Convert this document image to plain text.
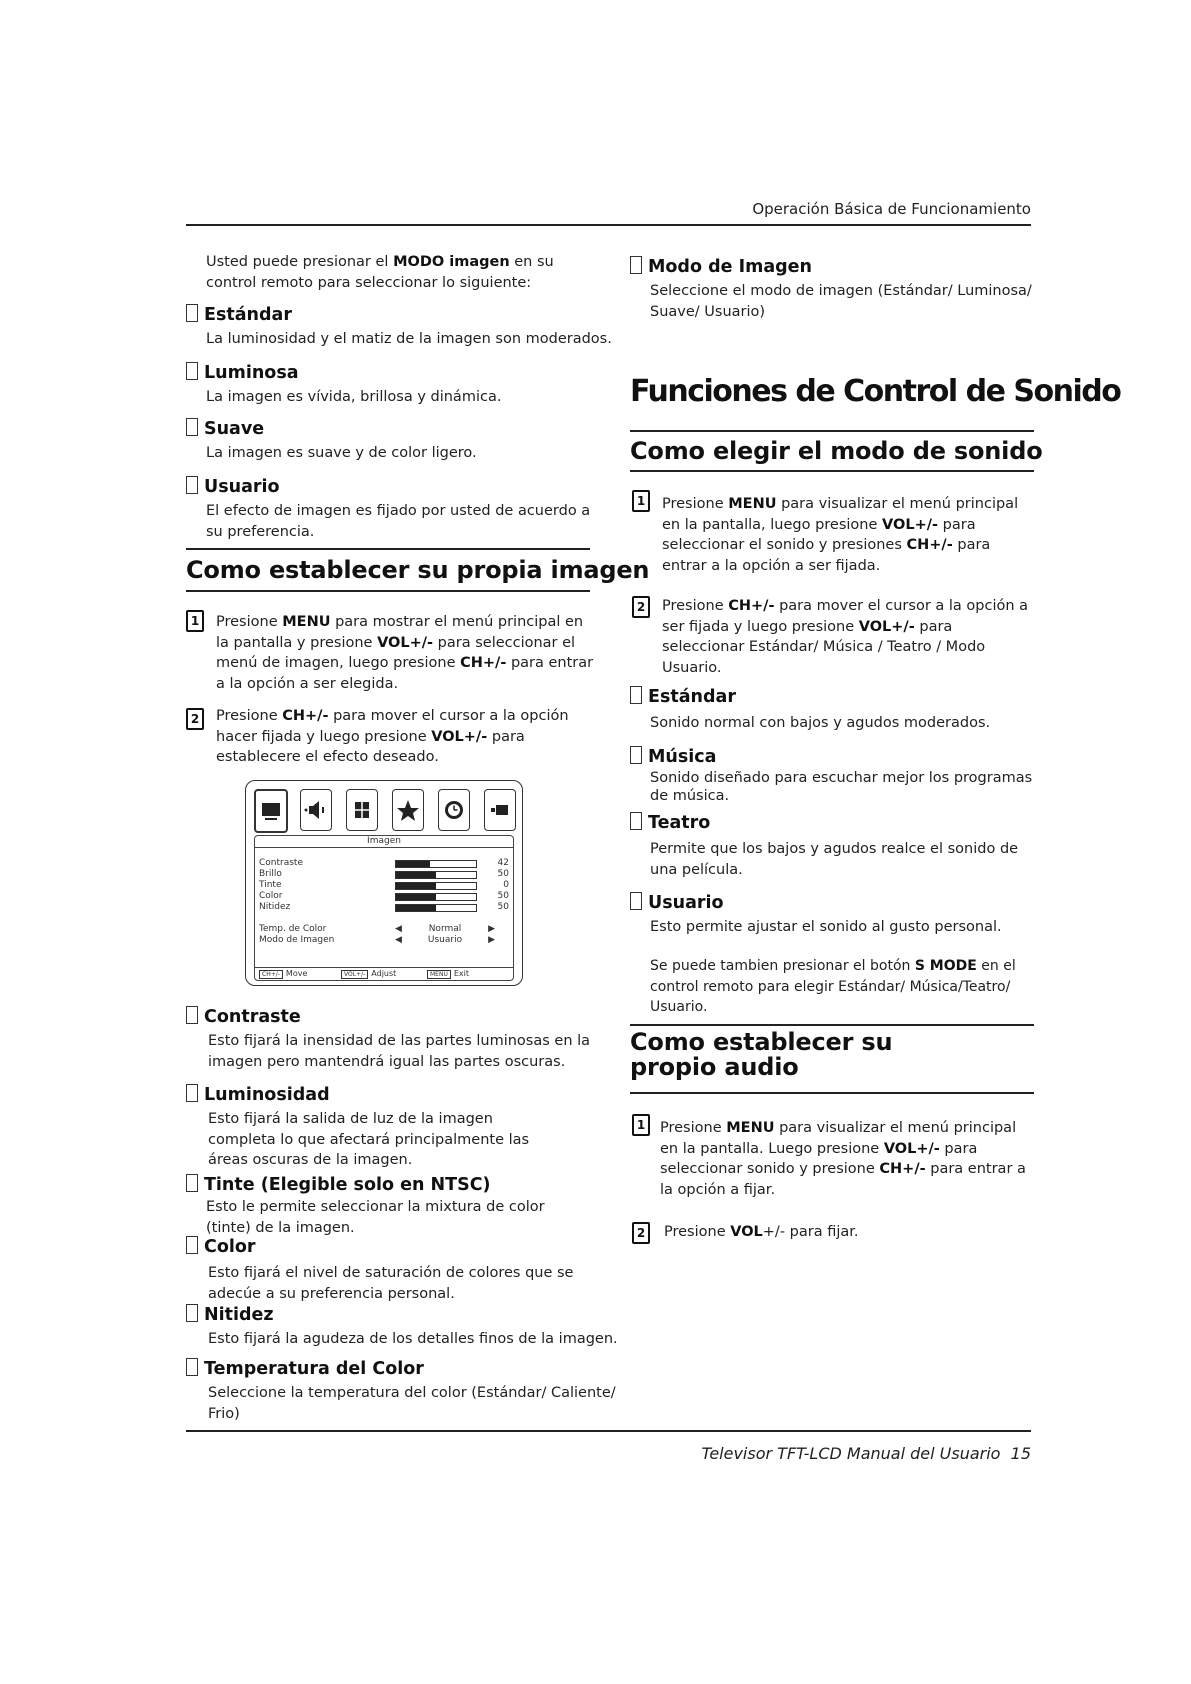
Operación Básica de Funcionamiento
Usted puede presionar el MODO imagen en su control remoto para seleccionar lo siguiente:
Estándar
La luminosidad y el matiz de la imagen son moderados.
Luminosa
La imagen es vívida, brillosa y dinámica.
Suave
La imagen es suave y de color ligero.
Usuario
El efecto de imagen es fijado por usted de acuerdo a su preferencia.
Como establecer su propia imagen
1	Presione MENU para mostrar el menú principal en la pantalla y presione VOL+/- para seleccionar el menú de imagen, luego presione CH+/- para entrar a la opción a ser elegida.
2	Presione CH+/- para mover el cursor a la opción hacer fijada y luego presione VOL+/- para establecere el efecto deseado.
Imagen
Contraste	42
Brillo	50
Tinte	0
Color	50
Nitidez	50
Temp. de Color	◀	Normal	▶
Modo de Imagen	◀	Usuario	▶
CH+/- Move	VOL+/- Adjust	MENU Exit
Contraste
Esto fijará la inensidad de las partes luminosas en la imagen pero mantendrá igual las partes oscuras.
Luminosidad
Esto fijará la salida de luz de la imagen completa lo que afectará principalmente las áreas oscuras de la imagen.
Tinte (Elegible solo en NTSC)
Esto le permite seleccionar la mixtura de color (tinte) de la imagen.
Color
Esto fijará el nivel de saturación de colores que se adecúe a su preferencia personal.
Nitidez
Esto fijará la agudeza de los detalles finos de la imagen.
Temperatura del Color
Seleccione la temperatura del color (Estándar/ Caliente/ Frio)
Modo de Imagen
Seleccione el modo de imagen (Estándar/ Luminosa/ Suave/ Usuario)
Funciones de Control de Sonido
Como elegir el modo de sonido
1	Presione MENU para visualizar el menú principal en la pantalla, luego presione VOL+/- para seleccionar el sonido y presiones CH+/- para entrar a la opción a ser fijada.
2	Presione CH+/- para mover el cursor a la opción a ser fijada y luego presione VOL+/- para seleccionar Estándar/ Música / Teatro / Modo Usuario.
Estándar
Sonido normal con bajos y agudos moderados.
Música
Sonido diseñado para escuchar mejor los programas de música.
Teatro
Permite que los bajos y agudos realce el sonido de una película.
Usuario
Esto permite ajustar el sonido al gusto personal.
Se puede tambien presionar el botón S MODE en el control remoto para elegir Estándar/ Música/Teatro/ Usuario.
Como establecer su propio audio
1	Presione MENU para visualizar el menú principal en la pantalla. Luego presione VOL+/- para seleccionar sonido y presione CH+/- para entrar a la opción a fijar.
2	Presione VOL+/- para fijar.
Televisor TFT-LCD Manual del Usuario 15
